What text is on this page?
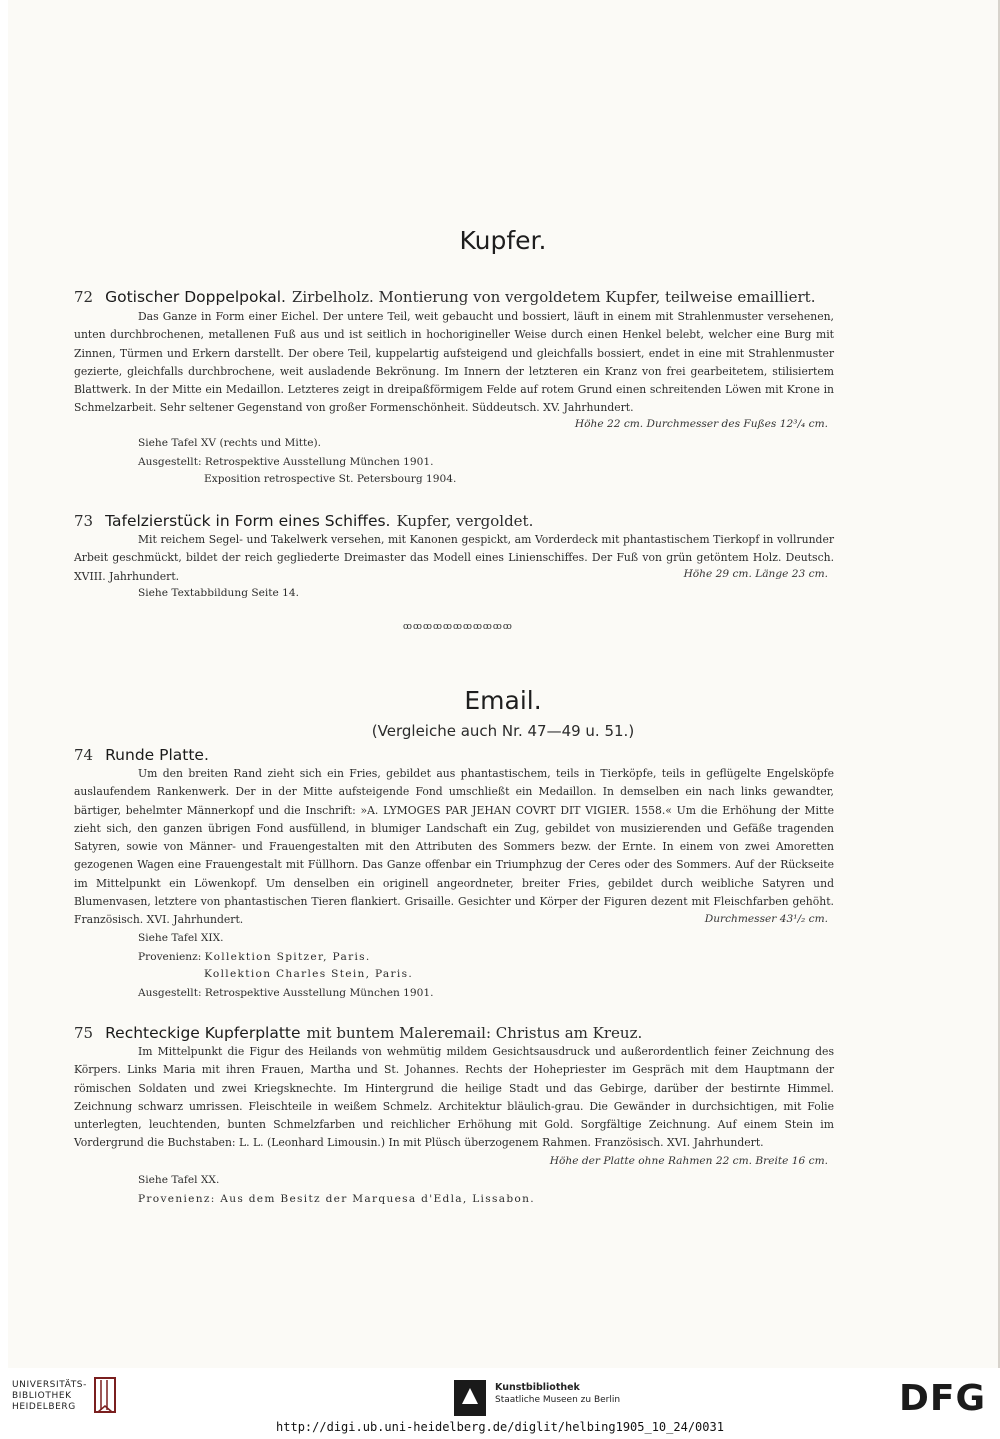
Kupfer.
72 Gotischer Doppelpokal. Zirbelholz. Montierung von vergoldetem Kupfer, teilweise emailliert.
Das Ganze in Form einer Eichel. Der untere Teil, weit gebaucht und bossiert, läuft in einem mit Strahlenmuster versehenen, unten durchbrochenen, metallenen Fuß aus und ist seitlich in hochorigineller Weise durch einen Henkel belebt, welcher eine Burg mit Zinnen, Türmen und Erkern darstellt. Der obere Teil, kuppelartig aufsteigend und gleichfalls bossiert, endet in eine mit Strahlenmuster gezierte, gleichfalls durchbrochene, weit ausladende Bekrönung. Im Innern der letzteren ein Kranz von frei gearbeitetem, stilisiertem Blattwerk. In der Mitte ein Medaillon. Letzteres zeigt in dreipaßförmigem Felde auf rotem Grund einen schreitenden Löwen mit Krone in Schmelzarbeit. Sehr seltener Gegenstand von großer Formenschönheit. Süddeutsch. XV. Jahrhundert.
Höhe 22 cm. Durchmesser des Fußes 12³/₄ cm.
Siehe Tafel XV (rechts und Mitte).
Ausgestellt: Retrospektive Ausstellung München 1901.
Exposition retrospective St. Petersbourg 1904.
73 Tafelzierstück in Form eines Schiffes. Kupfer, vergoldet.
Mit reichem Segel- und Takelwerk versehen, mit Kanonen gespickt, am Vorderdeck mit phantastischem Tierkopf in vollrunder Arbeit geschmückt, bildet der reich gegliederte Dreimaster das Modell eines Linienschiffes. Der Fuß von grün getöntem Holz. Deutsch. XVIII. Jahrhundert.	Höhe 29 cm. Länge 23 cm.
Siehe Textabbildung Seite 14.
ꝏꝏꝏꝏꝏꝏꝏꝏꝏꝏꝏ
Email.
(Vergleiche auch Nr. 47—49 u. 51.)
74 Runde Platte.
Um den breiten Rand zieht sich ein Fries, gebildet aus phantastischem, teils in Tierköpfe, teils in geflügelte Engelsköpfe auslaufendem Rankenwerk. Der in der Mitte aufsteigende Fond umschließt ein Medaillon. In demselben ein nach links gewandter, bärtiger, behelmter Männerkopf und die Inschrift: »A. LYMOGES PAR JEHAN COVRT DIT VIGIER. 1558.« Um die Erhöhung der Mitte zieht sich, den ganzen übrigen Fond ausfüllend, in blumiger Landschaft ein Zug, gebildet von musizierenden und Gefäße tragenden Satyren, sowie von Männer- und Frauengestalten mit den Attributen des Sommers bezw. der Ernte. In einem von zwei Amoretten gezogenen Wagen eine Frauengestalt mit Füllhorn. Das Ganze offenbar ein Triumphzug der Ceres oder des Sommers. Auf der Rückseite im Mittelpunkt ein Löwenkopf. Um denselben ein originell angeordneter, breiter Fries, gebildet durch weibliche Satyren und Blumenvasen, letztere von phantastischen Tieren flankiert. Grisaille. Gesichter und Körper der Figuren dezent mit Fleischfarben gehöht. Französisch. XVI. Jahrhundert.	Durchmesser 43¹/₂ cm.
Siehe Tafel XIX.
Provenienz: Kollektion Spitzer, Paris.
Kollektion Charles Stein, Paris.
Ausgestellt: Retrospektive Ausstellung München 1901.
75 Rechteckige Kupferplatte mit buntem Maleremail: Christus am Kreuz.
Im Mittelpunkt die Figur des Heilands von wehmütig mildem Gesichtsausdruck und außerordentlich feiner Zeichnung des Körpers. Links Maria mit ihren Frauen, Martha und St. Johannes. Rechts der Hohepriester im Gespräch mit dem Hauptmann der römischen Soldaten und zwei Kriegsknechte. Im Hintergrund die heilige Stadt und das Gebirge, darüber der bestirnte Himmel. Zeichnung schwarz umrissen. Fleischteile in weißem Schmelz. Architektur bläulich-grau. Die Gewänder in durchsichtigen, mit Folie unterlegten, leuchtenden, bunten Schmelzfarben und reichlicher Erhöhung mit Gold. Sorgfältige Zeichnung. Auf einem Stein im Vordergrund die Buchstaben: L. L. (Leonhard Limousin.) In mit Plüsch überzogenem Rahmen. Französisch. XVI. Jahrhundert.
Höhe der Platte ohne Rahmen 22 cm. Breite 16 cm.
Siehe Tafel XX.
Provenienz: Aus dem Besitz der Marquesa d'Edla, Lissabon.
UNIVERSITÄTS-
BIBLIOTHEK
HEIDELBERG
Kunstbibliothek
Staatliche Museen zu Berlin	DFG
http://digi.ub.uni-heidelberg.de/diglit/helbing1905_10_24/0031
